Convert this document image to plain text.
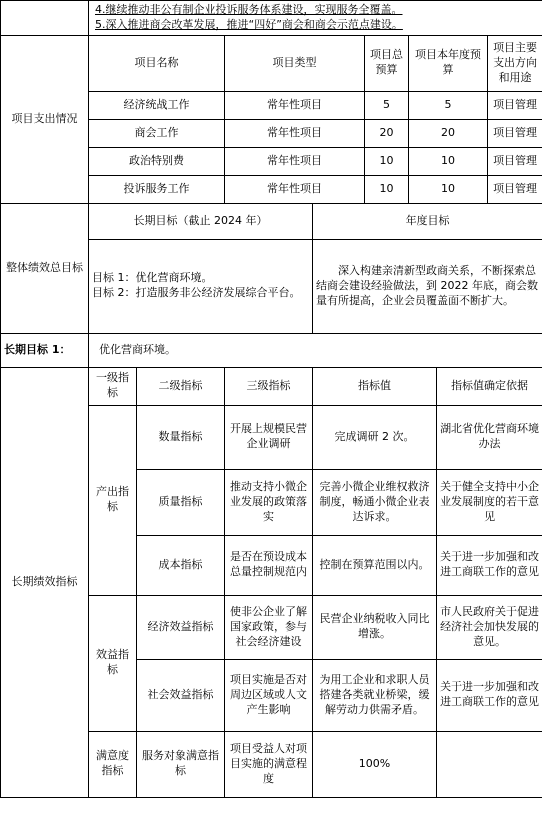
	4.继续推动非公有制企业投诉服务体系建设，实现服务全覆盖。
5.深入推进商会改革发展，推进“四好”商会和商会示范点建设。							

项目支出情况	项目名称		项目类型		项目总预算	项目本年度预算		项目主要支出方向和用途
	经济统战工作		常年性项目		5	5		项目管理
	商会工作		常年性项目		20	20		项目管理
	政治特别费		常年性项目		10	10		项目管理
	投诉服务工作		常年性项目		10	10		项目管理
整体绩效总目标	长期目标（截止 2024 年）			年度目标				

	目标 1：优化营商环境。
目标 2：打造服务非公经济发展综合平台。			深入构建亲清新型政商关系，不断探索总结商会建设经验做法，到 2022 年底，商会数量有所提高，企业会员覆盖面不断扩大。				
长期目标 1：	优化营商环境。							
长期绩效指标	一级指标	二级指标	三级指标	指标值			指标值确定依据	
	产出指标	数量指标	开展上规模民营企业调研	完成调研 2 次。			湖北省优化营商环境办法	
		质量指标	推动支持小微企业发展的政策落实	完善小微企业维权救济制度，畅通小微企业表达诉求。			关于健全支持中小企业发展制度的若干意见	
		成本指标	是否在预设成本总量控制规范内	控制在预算范围以内。			关于进一步加强和改进工商联工作的意见	
	效益指标	经济效益指标	使非公企业了解国家政策，参与社会经济建设	民营企业纳税收入同比增涨。			市人民政府关于促进经济社会加快发展的意见。	
		社会效益指标	项目实施是否对周边区域或人文产生影响	为用工企业和求职人员搭建各类就业桥梁，缓解劳动力供需矛盾。			关于进一步加强和改进工商联工作的意见	
	满意度指标	服务对象满意指标	项目受益人对项目实施的满意程度	100%				
